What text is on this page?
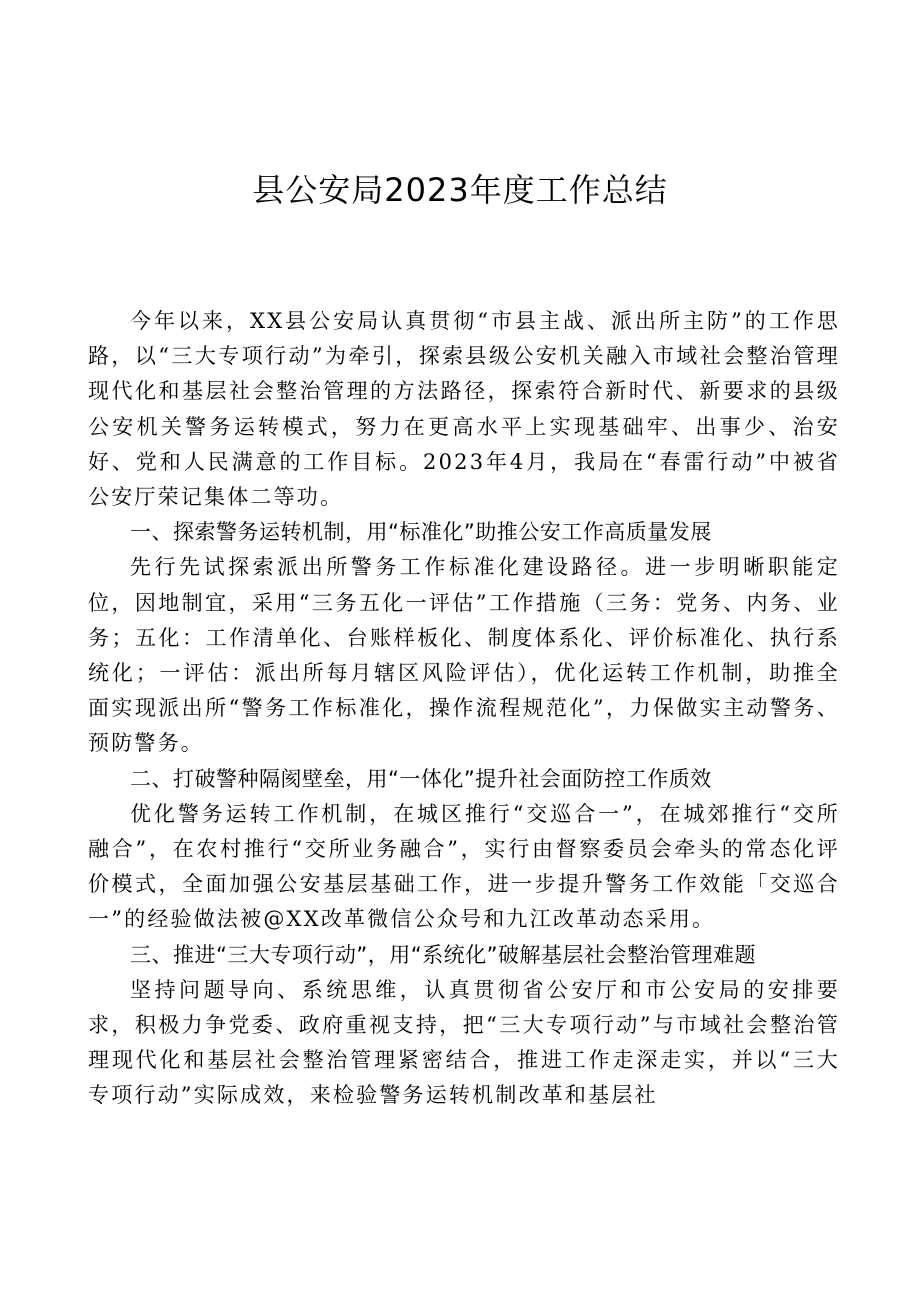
县公安局2023年度工作总结

今年以来，XX县公安局认真贯彻“市县主战、派出所主防”的工作思路，以“三大专项行动”为牵引，探索县级公安机关融入市域社会整治管理现代化和基层社会整治管理的方法路径，探索符合新时代、新要求的县级公安机关警务运转模式，努力在更高水平上实现基础牢、出事少、治安好、党和人民满意的工作目标。2023年4月，我局在“春雷行动”中被省公安厅荣记集体二等功。

一、探索警务运转机制，用“标准化”助推公安工作高质量发展

先行先试探索派出所警务工作标准化建设路径。进一步明晰职能定位，因地制宜，采用“三务五化一评估”工作措施（三务：党务、内务、业务；五化：工作清单化、台账样板化、制度体系化、评价标准化、执行系统化；一评估：派出所每月辖区风险评估），优化运转工作机制，助推全面实现派出所“警务工作标准化，操作流程规范化”，力保做实主动警务、预防警务。

二、打破警种隔阂壁垒，用“一体化”提升社会面防控工作质效

优化警务运转工作机制，在城区推行“交巡合一”，在城郊推行“交所融合”，在农村推行“交所业务融合”，实行由督察委员会牵头的常态化评价模式，全面加强公安基层基础工作，进一步提升警务工作效能「交巡合一”的经验做法被@XX改革微信公众号和九江改革动态采用。

三、推进“三大专项行动”，用“系统化”破解基层社会整治管理难题

坚持问题导向、系统思维，认真贯彻省公安厅和市公安局的安排要求，积极力争党委、政府重视支持，把“三大专项行动”与市域社会整治管理现代化和基层社会整治管理紧密结合，推进工作走深走实，并以“三大专项行动”实际成效，来检验警务运转机制改革和基层社
